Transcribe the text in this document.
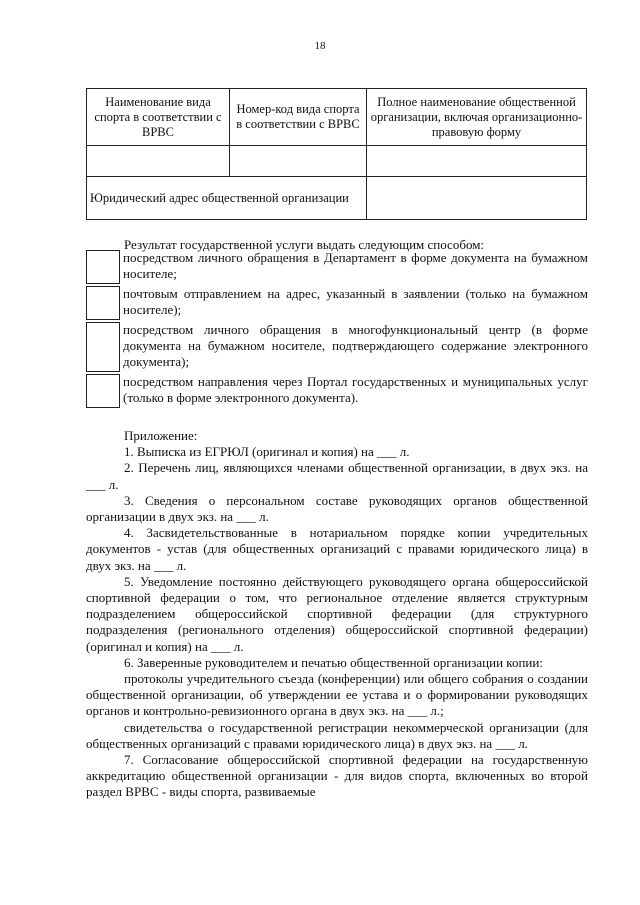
18
Наименование вида спорта в соответствии с ВРВС	Номер-код вида спорта в соответствии с ВРВС	Полное наименование общественной организации, включая организационно-правовую форму

Юридический адрес общественной организации		
Результат государственной услуги выдать следующим способом:
посредством личного обращения в Департамент в форме документа на бумажном носителе;
почтовым отправлением на адрес, указанный в заявлении (только на бумажном носителе);
посредством личного обращения в многофункциональный центр (в форме документа на бумажном носителе, подтверждающего содержание электронного документа);
посредством направления через Портал государственных и муниципальных услуг (только в форме электронного документа).

Приложение:

1. Выписка из ЕГРЮЛ (оригинал и копия) на ___ л.

2. Перечень лиц, являющихся членами общественной организации, в двух экз. на ___ л.

3. Сведения о персональном составе руководящих органов общественной организации в двух экз. на ___ л.

4. Засвидетельствованные в нотариальном порядке копии учредительных документов - устав (для общественных организаций с правами юридического лица) в двух экз. на ___ л.

5. Уведомление постоянно действующего руководящего органа общероссийской спортивной федерации о том, что региональное отделение является структурным подразделением общероссийской спортивной федерации (для структурного подразделения (регионального отделения) общероссийской спортивной федерации) (оригинал и копия) на ___ л.

6. Заверенные руководителем и печатью общественной организации копии:

протоколы учредительного съезда (конференции) или общего собрания о создании общественной организации, об утверждении ее устава и о формировании руководящих органов и контрольно-ревизионного органа в двух экз. на ___ л.;

свидетельства о государственной регистрации некоммерческой организации (для общественных организаций с правами юридического лица) в двух экз. на ___ л.

7. Согласование общероссийской спортивной федерации на государственную аккредитацию общественной организации - для видов спорта, включенных во второй раздел ВРВС - виды спорта, развиваемые
